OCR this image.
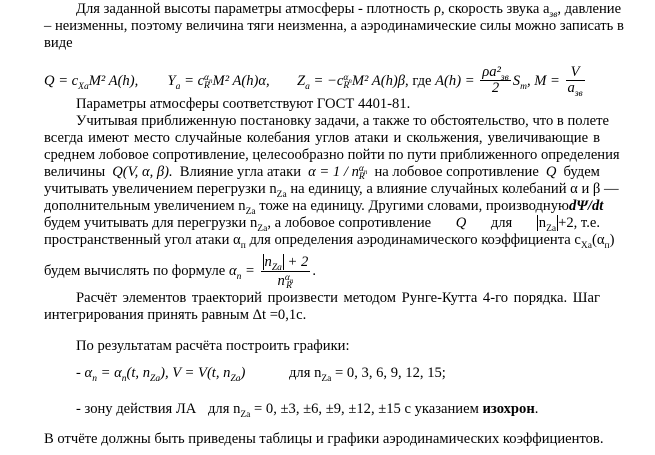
Для заданной высоты параметры атмосферы - плотность ρ, скорость звука $a_{зв}$, давление
– неизменны, поэтому величина тяги неизменна, а аэродинамические силы можно записать в
виде
$Q = c_{Xa}M^2$ A(h), $Y_a = c$ $\alpha_n$
R M² A(h)α, $Z_a = -c$ $\alpha_n$
R M² A(h)β, где $A(h) = \frac{\rho a^2_{зв}}{2} S_m$, $M = \frac{V}{a_{зв}}$
Параметры атмосферы соответствуют ГОСТ 4401-81.
Учитывая приближенную постановку задачи, а также то обстоятельство, что в полете
всегда имеют место случайные колебания углов атаки и скольжения, увеличивающие в
среднем лобовое сопротивление, целесообразно пойти по пути приближенного определения
величины Q(V, α, β). Влияние угла атаки α = 1 / n $\alpha_n$
R на лобовое сопротивление Q будем
учитывать увеличением перегрузки $n_{Za}$ на единицу, а влияние случайных колебаний α и β —
дополнительным увеличением $n_{Za}$ тоже на единицу. Другими словами, производную dΨ/dt
будем учитывать для перегрузки $n_{Za}$, а лобовое сопротивление Q для $n_{Za} +2$, т.е.
пространственный угол атаки $\alpha_п$ для определения аэродинамического коэффициента $c_{Xa}(\alpha_п)$
будем вычислять по формуле $\alpha_п = n_{Za} + 2$
n $\alpha_n$
R .
Расчёт элементов траекторий произвести методом Рунге-Кутта 4-го порядка. Шаг
интегрирования принять равным Δt =0,1с.
По результатам расчёта построить графики:
- $\alpha_п = \alpha_п(t$, $n_{Za}$), V = V(t, $n_{Za}$)	для $n_{Za} = 0$, 3, 6, 9, 12, 15;
- зону действия ЛА для $n_{Za} = 0$, ±3, ±6, ±9, ±12, ±15 с указанием изохрон.
В отчёте должны быть приведены таблицы и графики аэродинамических коэффициентов.
